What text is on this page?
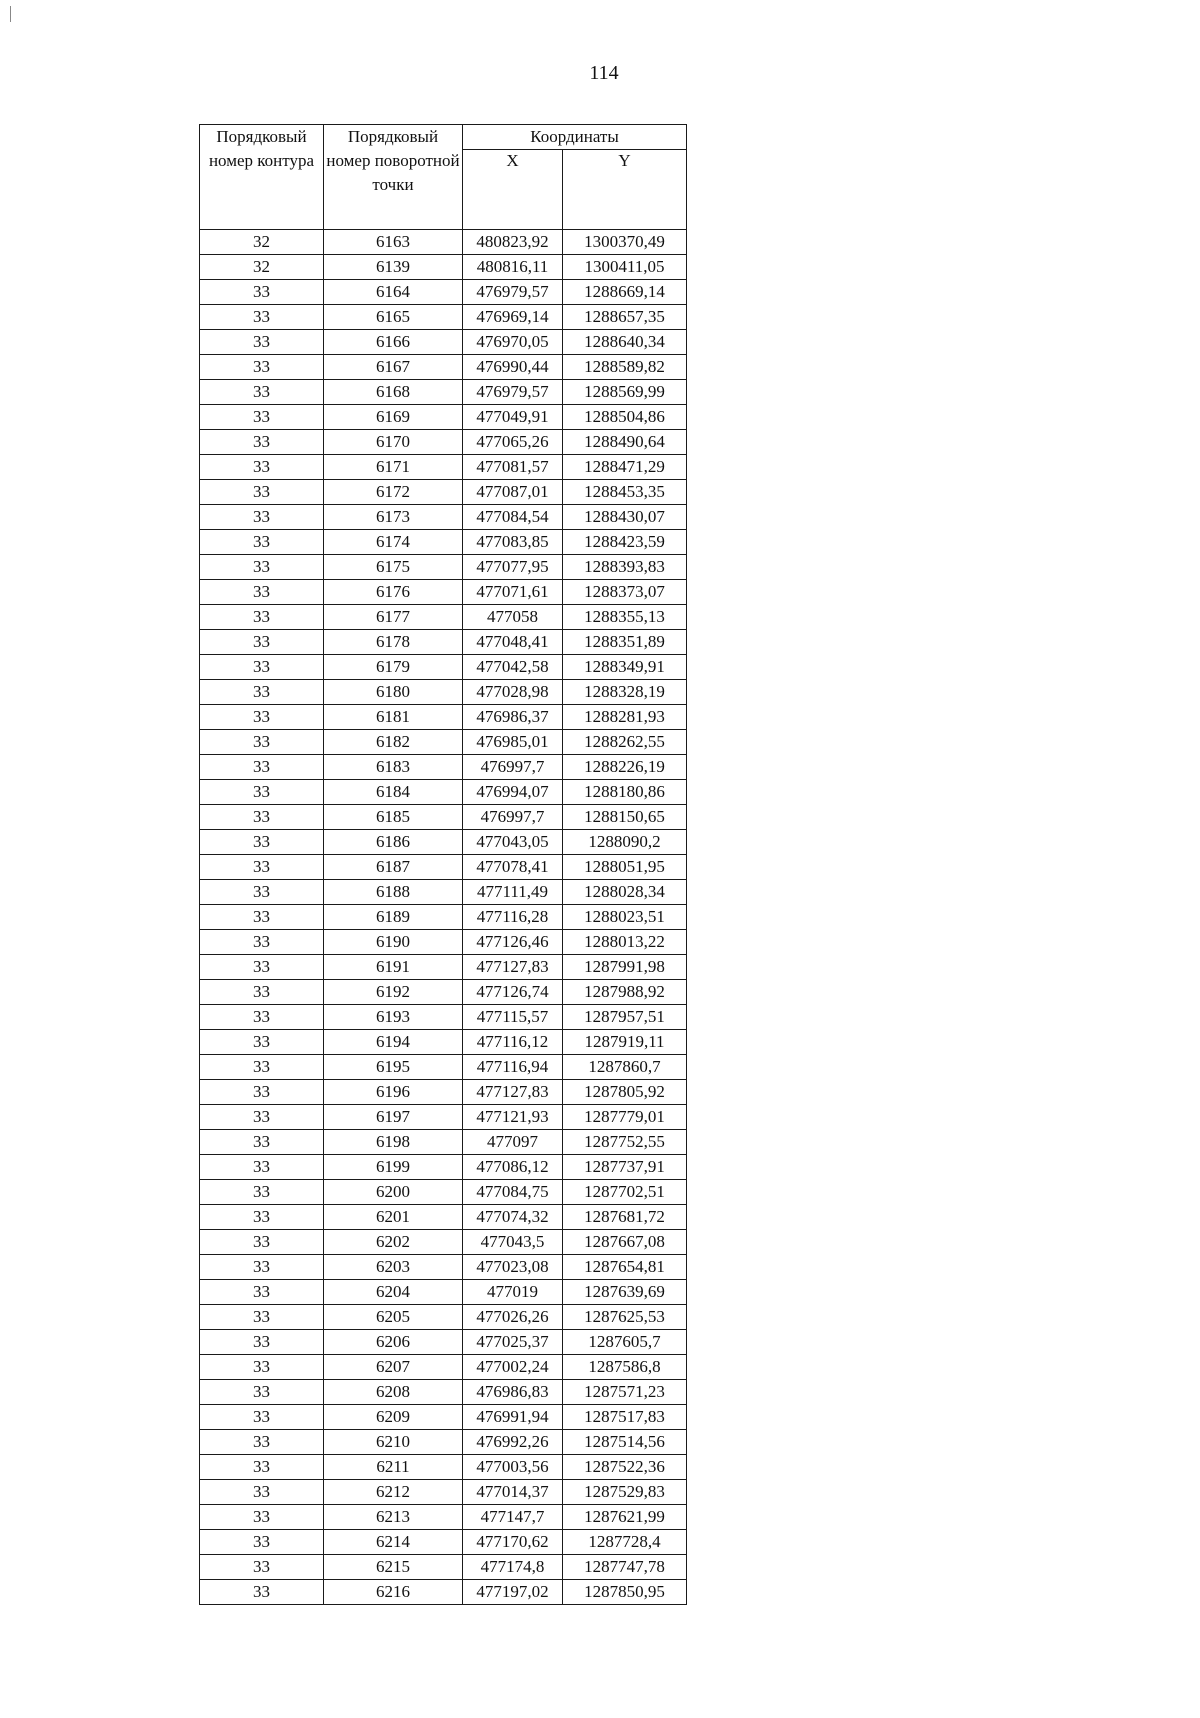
114
Порядковый номер контура	Порядковый номер поворотной точки	Координаты	
		X	Y
32	6163	480823,92	1300370,49
32	6139	480816,11	1300411,05
33	6164	476979,57	1288669,14
33	6165	476969,14	1288657,35
33	6166	476970,05	1288640,34
33	6167	476990,44	1288589,82
33	6168	476979,57	1288569,99
33	6169	477049,91	1288504,86
33	6170	477065,26	1288490,64
33	6171	477081,57	1288471,29
33	6172	477087,01	1288453,35
33	6173	477084,54	1288430,07
33	6174	477083,85	1288423,59
33	6175	477077,95	1288393,83
33	6176	477071,61	1288373,07
33	6177	477058	1288355,13
33	6178	477048,41	1288351,89
33	6179	477042,58	1288349,91
33	6180	477028,98	1288328,19
33	6181	476986,37	1288281,93
33	6182	476985,01	1288262,55
33	6183	476997,7	1288226,19
33	6184	476994,07	1288180,86
33	6185	476997,7	1288150,65
33	6186	477043,05	1288090,2
33	6187	477078,41	1288051,95
33	6188	477111,49	1288028,34
33	6189	477116,28	1288023,51
33	6190	477126,46	1288013,22
33	6191	477127,83	1287991,98
33	6192	477126,74	1287988,92
33	6193	477115,57	1287957,51
33	6194	477116,12	1287919,11
33	6195	477116,94	1287860,7
33	6196	477127,83	1287805,92
33	6197	477121,93	1287779,01
33	6198	477097	1287752,55
33	6199	477086,12	1287737,91
33	6200	477084,75	1287702,51
33	6201	477074,32	1287681,72
33	6202	477043,5	1287667,08
33	6203	477023,08	1287654,81
33	6204	477019	1287639,69
33	6205	477026,26	1287625,53
33	6206	477025,37	1287605,7
33	6207	477002,24	1287586,8
33	6208	476986,83	1287571,23
33	6209	476991,94	1287517,83
33	6210	476992,26	1287514,56
33	6211	477003,56	1287522,36
33	6212	477014,37	1287529,83
33	6213	477147,7	1287621,99
33	6214	477170,62	1287728,4
33	6215	477174,8	1287747,78
33	6216	477197,02	1287850,95
